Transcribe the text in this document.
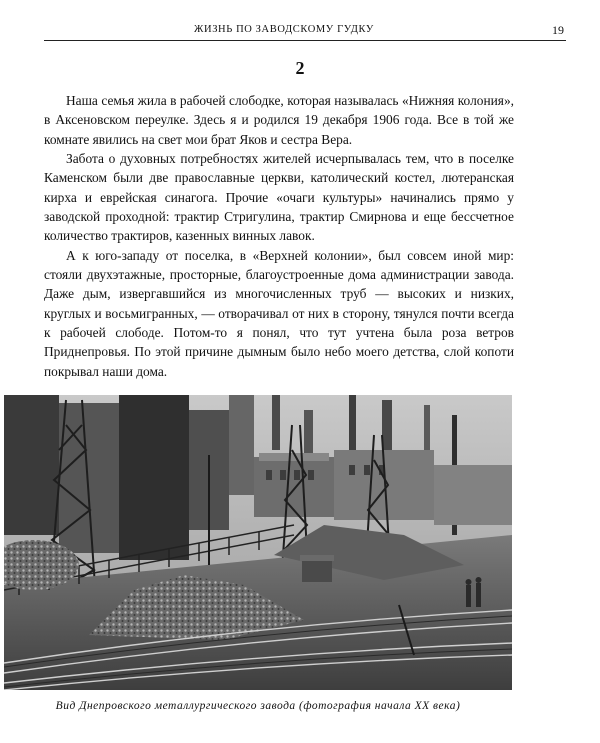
ЖИЗНЬ ПО ЗАВОДСКОМУ ГУДКУ	19
2

Наша семья жила в рабочей слободке, которая называлась «Нижняя колония», в Аксеновском переулке. Здесь я и родился 19 декабря 1906 года. Все в той же комнате явились на свет мои брат Яков и сестра Вера.

Забота о духовных потребностях жителей исчерпывалась тем, что в поселке Каменском были две православные церкви, католический костел, лютеранская кирха и еврейская синагога. Прочие «очаги культуры» начинались прямо у заводской проходной: трактир Стригулина, трактир Смирнова и еще бессчетное количество трактиров, казенных винных лавок.

А к юго-западу от поселка, в «Верхней колонии», был совсем иной мир: стояли двухэтажные, просторные, благоустроенные дома администрации завода. Даже дым, извергавшийся из многочисленных труб — высоких и низких, круглых и восьмигранных, — отворачивал от них в сторону, тянулся почти всегда к рабочей слободе. Потом-то я понял, что тут учтена была роза ветров Приднепровья. По этой причине дымным было небо моего детства, слой копоти покрывал наши дома.

Вид Днепровского металлургического завода (фотография начала XX века)
